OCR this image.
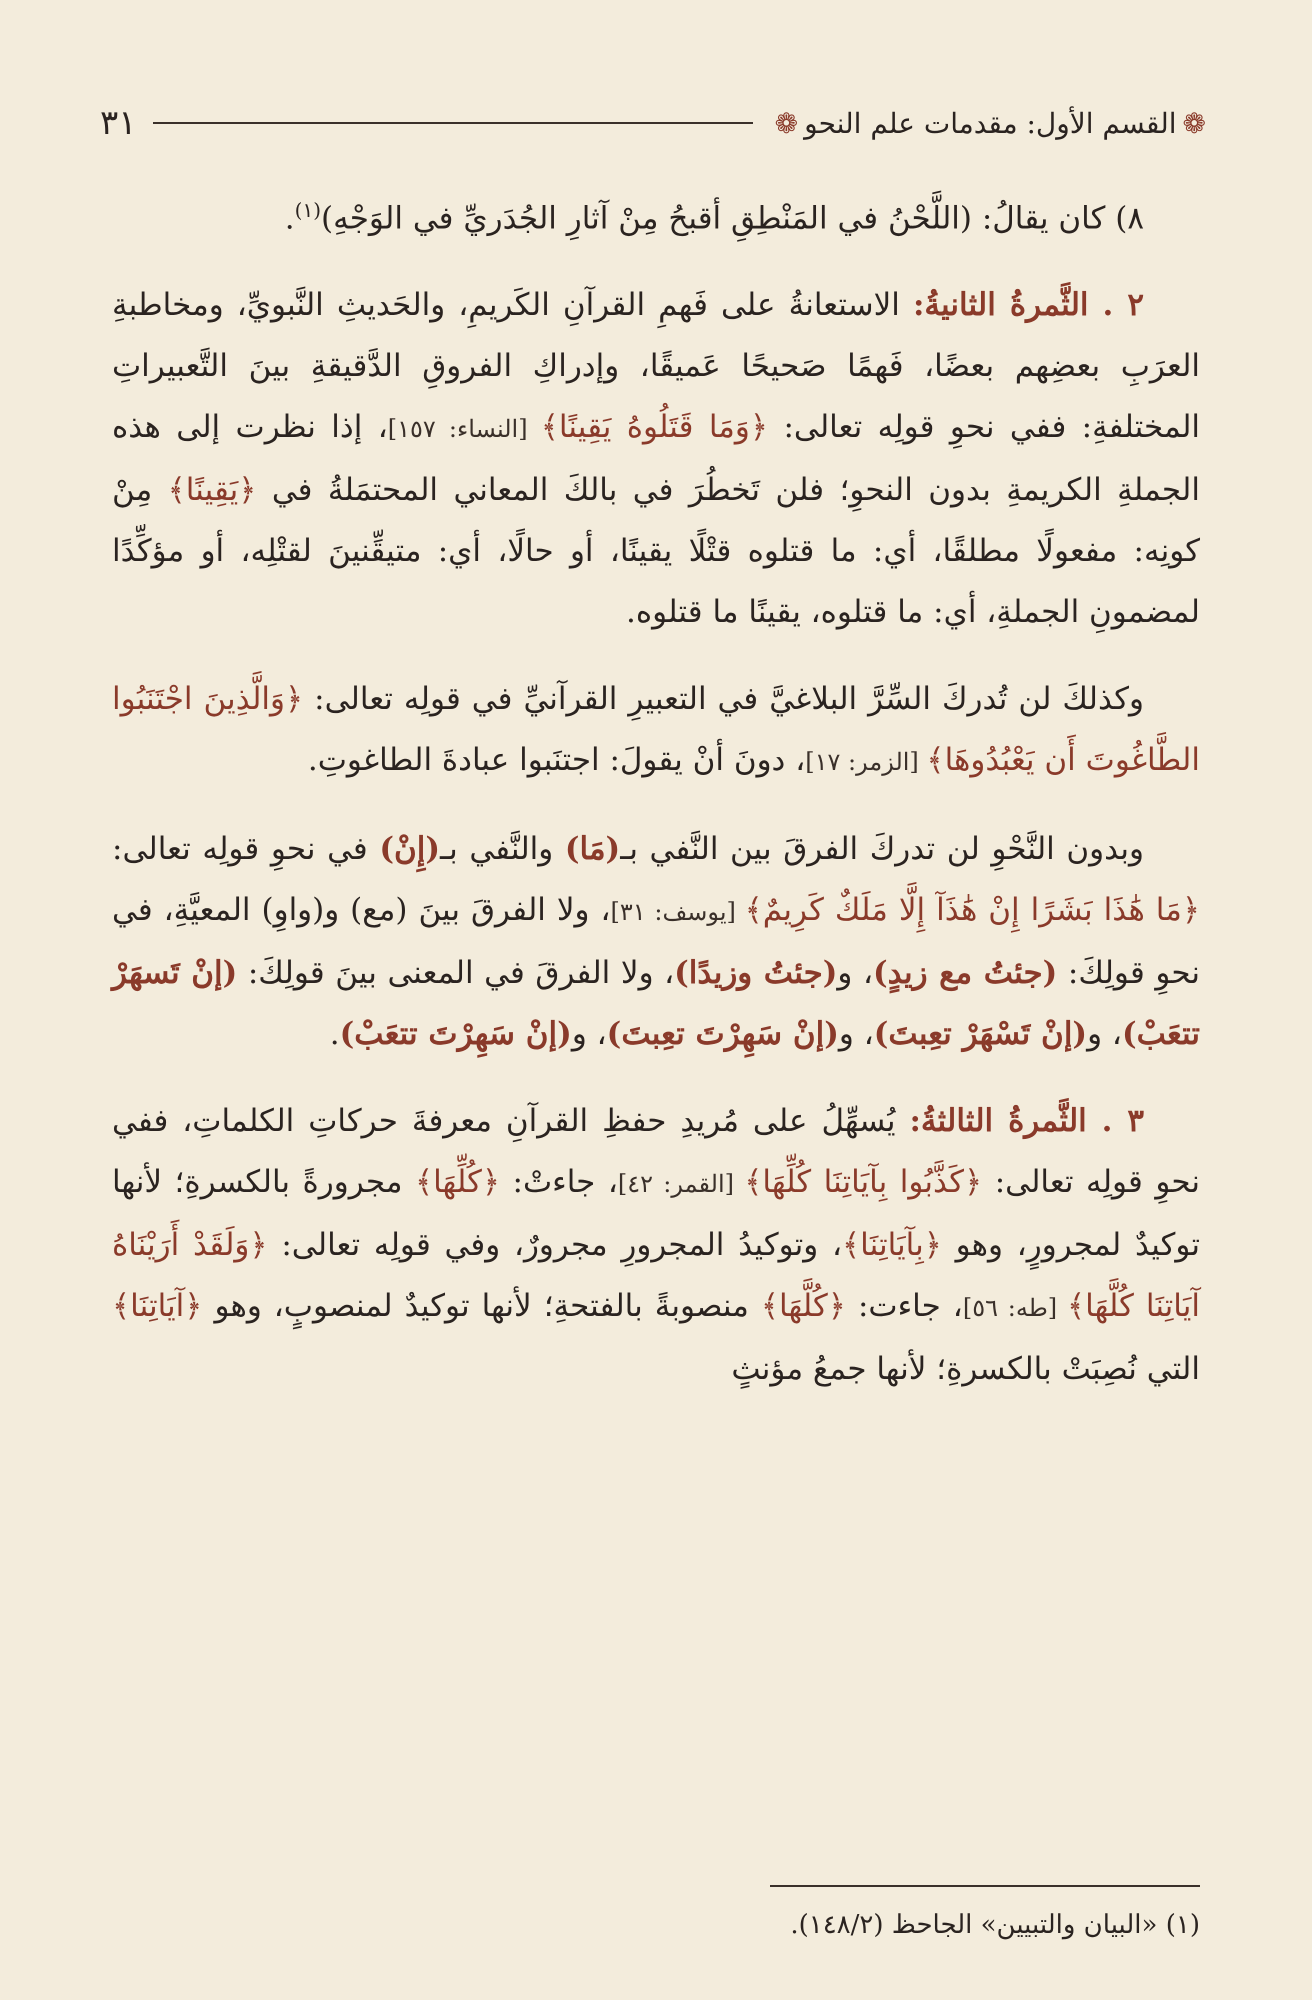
❁
القسم الأول: مقدمات علم النحو
❁
٣١

٨) كان يقالُ: (اللَّحْنُ في المَنْطِقِ أقبحُ مِنْ آثارِ الجُدَريِّ في الوَجْهِ)$^{(١)}$.

٢ . الثَّمرةُ الثانيةُ: الاستعانةُ على فَهمِ القرآنِ الكَريمِ، والحَديثِ النَّبويِّ، ومخاطبةِ العرَبِ بعضِهم بعضًا، فَهمًا صَحيحًا عَميقًا، وإدراكِ الفروقِ الدَّقيقةِ بينَ التَّعبيراتِ المختلفةِ: ففي نحوِ قولِه تعالى: ﴿وَمَا قَتَلُوهُ يَقِينًا﴾ [النساء: ١٥٧]، إذا نظرت إلى هذه الجملةِ الكريمةِ بدون النحوِ؛ فلن تَخطُرَ في بالكَ المعاني المحتمَلةُ في ﴿يَقِينًا﴾ مِنْ كونِه: مفعولًا مطلقًا، أي: ما قتلوه قتْلًا يقينًا، أو حالًا، أي: متيقِّنينَ لقتْلِه، أو مؤكِّدًا لمضمونِ الجملةِ، أي: ما قتلوه، يقينًا ما قتلوه.

وكذلكَ لن تُدركَ السِّرَّ البلاغيَّ في التعبيرِ القرآنيِّ في قولِه تعالى: ﴿وَالَّذِينَ اجْتَنَبُوا الطَّاغُوتَ أَن يَعْبُدُوهَا﴾ [الزمر: ١٧]، دونَ أنْ يقولَ: اجتنَبوا عبادةَ الطاغوتِ.

وبدون النَّحْوِ لن تدركَ الفرقَ بين النَّفي بـ(مَا) والنَّفي بـ(إِنْ) في نحوِ قولِه تعالى: ﴿مَا هَٰذَا بَشَرًا إِنْ هَٰذَآ إِلَّا مَلَكٌ كَرِيمٌ﴾ [يوسف: ٣١]، ولا الفرقَ بينَ (مع) و(واوِ) المعيَّةِ، في نحوِ قولِكَ: (جئتُ مع زيدٍ)، و(جئتُ وزيدًا)، ولا الفرقَ في المعنى بينَ قولِكَ: (إنْ تَسهَرْ تتعَبْ)، و(إنْ تَسْهَرْ تعِبتَ)، و(إنْ سَهِرْتَ تعِبتَ)، و(إنْ سَهِرْتَ تتعَبْ).

٣ . الثَّمرةُ الثالثةُ: يُسهِّلُ على مُريدِ حفظِ القرآنِ معرفةَ حركاتِ الكلماتِ، ففي نحوِ قولِه تعالى: ﴿كَذَّبُوا بِآيَاتِنَا كُلِّهَا﴾ [القمر: ٤٢]، جاءتْ: ﴿كُلِّهَا﴾ مجرورةً بالكسرةِ؛ لأنها توكيدٌ لمجرورٍ، وهو ﴿بِآيَاتِنَا﴾، وتوكيدُ المجرورِ مجرورٌ، وفي قولِه تعالى: ﴿وَلَقَدْ أَرَيْنَاهُ آيَاتِنَا كُلَّهَا﴾ [طه: ٥٦]، جاءت: ﴿كُلَّهَا﴾ منصوبةً بالفتحةِ؛ لأنها توكيدٌ لمنصوبٍ، وهو ﴿آيَاتِنَا﴾ التي نُصِبَتْ بالكسرةِ؛ لأنها جمعُ مؤنثٍ

(١) «البيان والتبيين» الجاحظ (١٤٨/٢).
